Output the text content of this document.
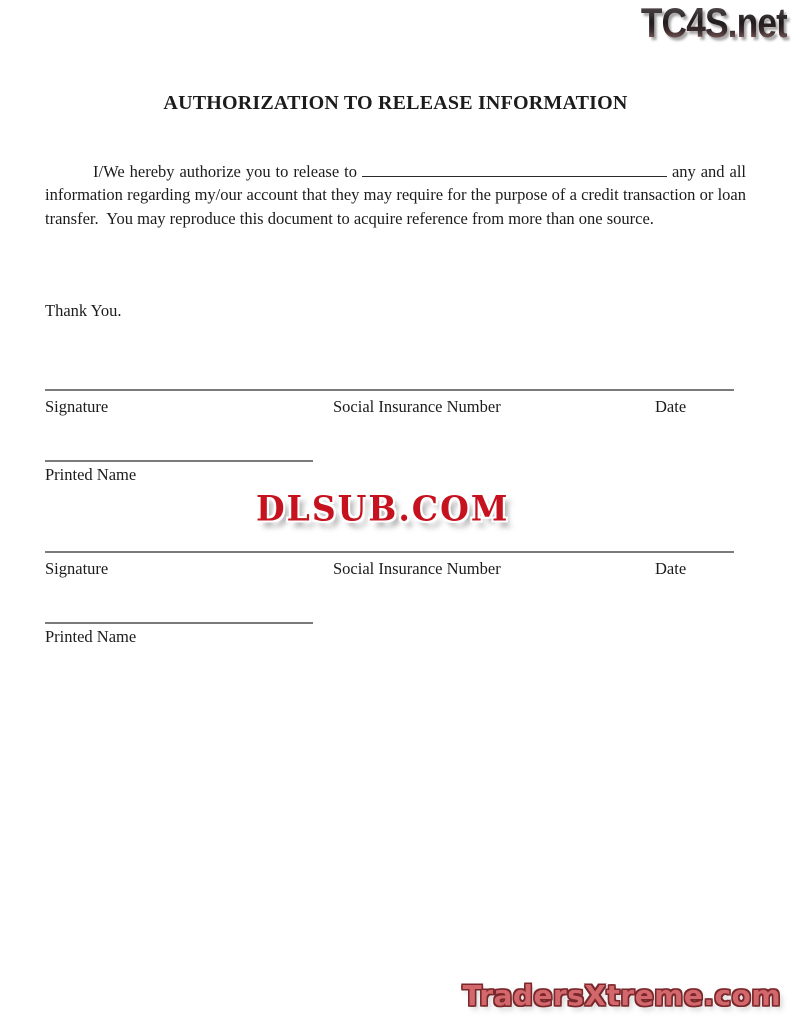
TC4S.net
AUTHORIZATION TO RELEASE INFORMATION

I/We hereby authorize you to release to	any and all information regarding my/our account that they may require for the purpose of a credit transaction or loan transfer.  You may reproduce this document to acquire reference from more than one source.

Thank You.
Signature	Social Insurance Number	Date
Printed Name
DLSUB.COM
Signature	Social Insurance Number	Date
Printed Name
TradersXtreme.com
